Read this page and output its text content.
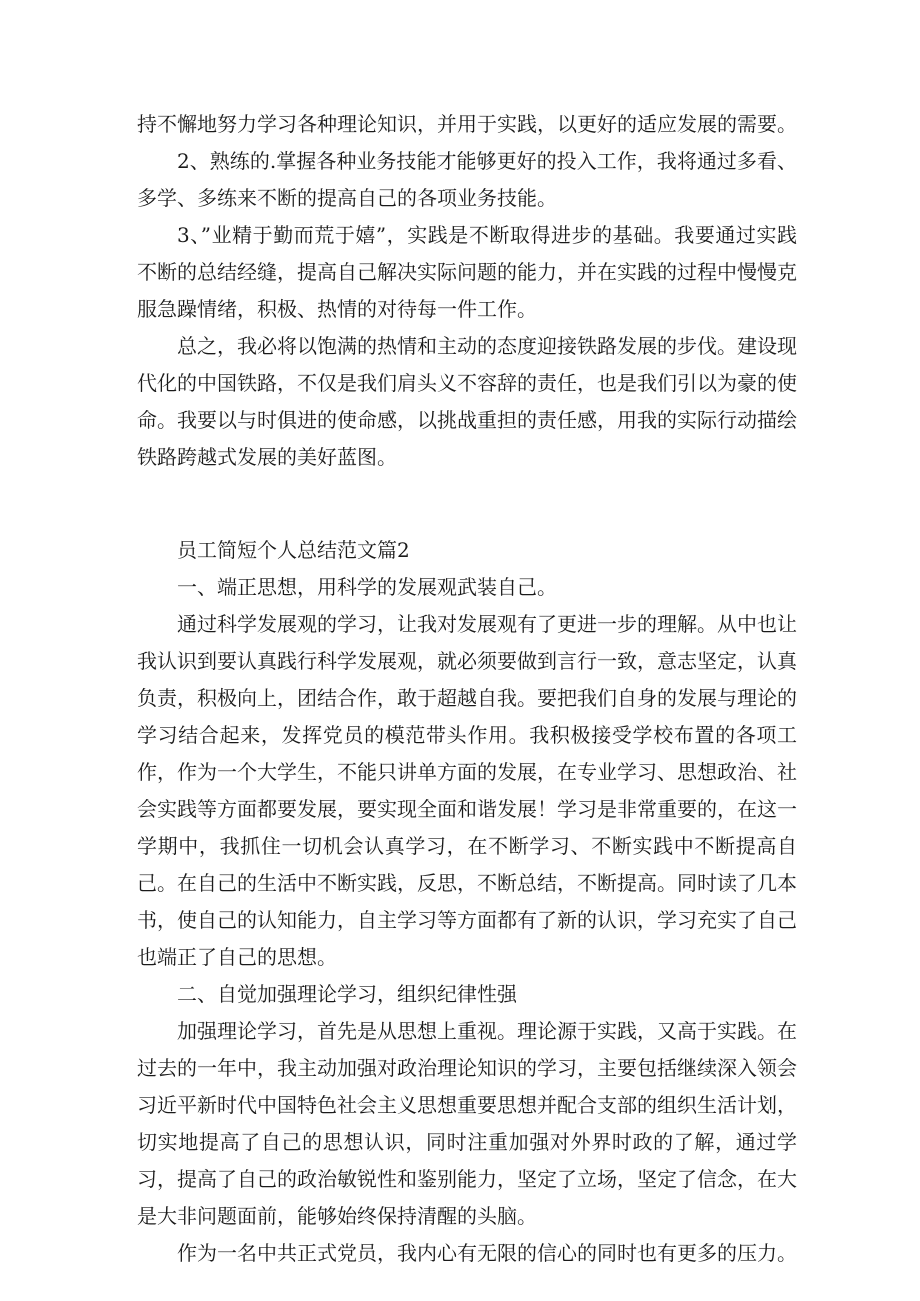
持不懈地努力学习各种理论知识，并用于实践，以更好的适应发展的需要。

2、熟练的.掌握各种业务技能才能够更好的投入工作，我将通过多看、多学、多练来不断的提高自己的各项业务技能。

3、”业精于勤而荒于嬉”，实践是不断取得进步的基础。我要通过实践不断的总结经缝，提高自己解决实际问题的能力，并在实践的过程中慢慢克服急躁情绪，积极、热情的对待每一件工作。

总之，我必将以饱满的热情和主动的态度迎接铁路发展的步伐。建设现代化的中国铁路，不仅是我们肩头义不容辞的责任，也是我们引以为豪的使命。我要以与时俱进的使命感，以挑战重担的责任感，用我的实际行动描绘铁路跨越式发展的美好蓝图。

员工简短个人总结范文篇2

一、端正思想，用科学的发展观武装自己。

通过科学发展观的学习，让我对发展观有了更进一步的理解。从中也让我认识到要认真践行科学发展观，就必须要做到言行一致，意志坚定，认真负责，积极向上，团结合作，敢于超越自我。要把我们自身的发展与理论的学习结合起来，发挥党员的模范带头作用。我积极接受学校布置的各项工作，作为一个大学生，不能只讲单方面的发展，在专业学习、思想政治、社会实践等方面都要发展，要实现全面和谐发展！学习是非常重要的，在这一学期中，我抓住一切机会认真学习，在不断学习、不断实践中不断提高自己。在自己的生活中不断实践，反思，不断总结，不断提高。同时读了几本书，使自己的认知能力，自主学习等方面都有了新的认识，学习充实了自己也端正了自己的思想。

二、自觉加强理论学习，组织纪律性强

加强理论学习，首先是从思想上重视。理论源于实践，又高于实践。在过去的一年中，我主动加强对政治理论知识的学习，主要包括继续深入领会习近平新时代中国特色社会主义思想重要思想并配合支部的组织生活计划，切实地提高了自己的思想认识，同时注重加强对外界时政的了解，通过学习，提高了自己的政治敏锐性和鉴别能力，坚定了立场，坚定了信念，在大是大非问题面前，能够始终保持清醒的头脑。

作为一名中共正式党员，我内心有无限的信心的同时也有更多的压力。
